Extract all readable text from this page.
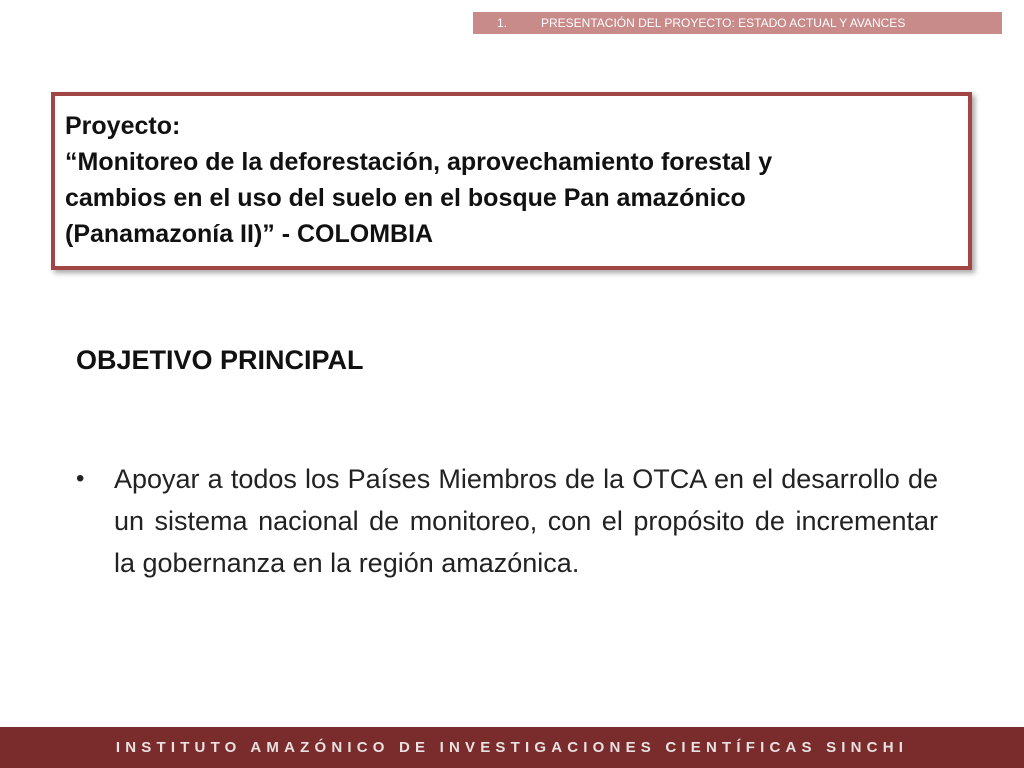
1.	PRESENTACIÓN DEL PROYECTO: ESTADO ACTUAL Y AVANCES
Proyecto:
“Monitoreo de la deforestación, aprovechamiento forestal y
cambios en el uso del suelo en el bosque Pan amazónico
(Panamazonía II)” - COLOMBIA
OBJETIVO PRINCIPAL
• Apoyar a todos los Países Miembros de la OTCA en el desarrollo de un sistema nacional de monitoreo, con el propósito de incrementar la gobernanza en la región amazónica.
INSTITUTO AMAZÓNICO DE INVESTIGACIONES CIENTÍFICAS SINCHI
